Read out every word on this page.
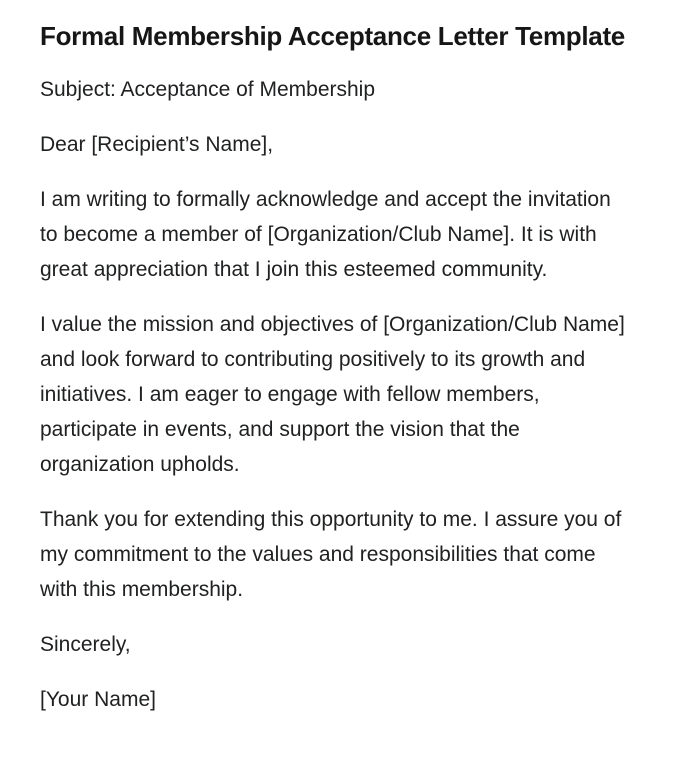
Formal Membership Acceptance Letter Template

Subject: Acceptance of Membership

Dear [Recipient’s Name],

I am writing to formally acknowledge and accept the invitation to become a member of [Organization/Club Name]. It is with great appreciation that I join this esteemed community.

I value the mission and objectives of [Organization/Club Name] and look forward to contributing positively to its growth and initiatives. I am eager to engage with fellow members, participate in events, and support the vision that the organization upholds.

Thank you for extending this opportunity to me. I assure you of my commitment to the values and responsibilities that come with this membership.

Sincerely,

[Your Name]
